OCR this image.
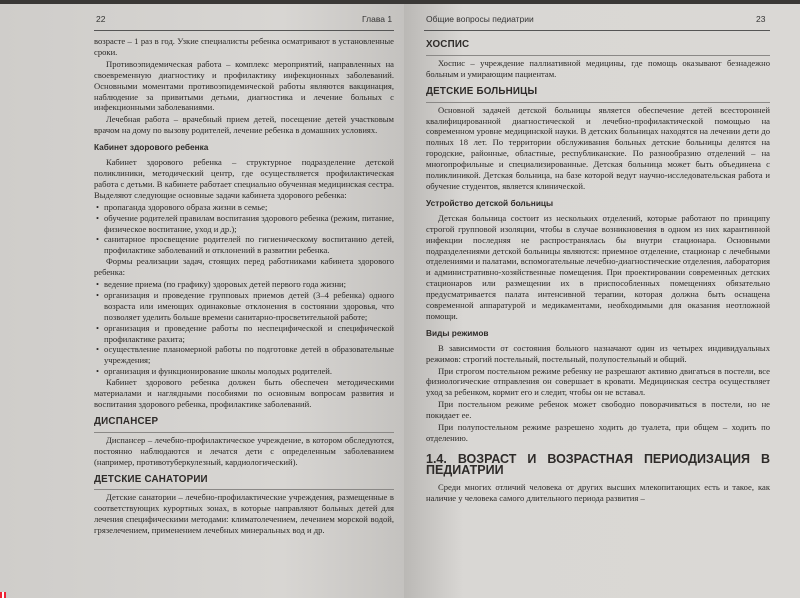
22	Глава 1

возрасте – 1 раз в год. Узкие специалисты ребенка осматривают в установленные сроки.

Противоэпидемическая работа – комплекс мероприятий, направленных на своевременную диагностику и профилактику инфекционных заболеваний. Основными моментами противоэпидемической работы являются вакцинация, наблюдение за привитыми детьми, диагностика и лечение больных с инфекционными заболеваниями.

Лечебная работа – врачебный прием детей, посещение детей участковым врачом на дому по вызову родителей, лечение ребенка в домашних условиях.

Кабинет здорового ребенка

Кабинет здорового ребенка – структурное подразделение детской поликлиники, методический центр, где осуществляется профилактическая работа с детьми. В кабинете работает специально обученная медицинская сестра. Выделяют следующие основные задачи кабинета здорового ребенка:

• пропаганда здорового образа жизни в семье;
• обучение родителей правилам воспитания здорового ребенка (режим, питание, физическое воспитание, уход и др.);
• санитарное просвещение родителей по гигиеническому воспитанию детей, профилактике заболеваний и отклонений в развитии ребенка.

Формы реализации задач, стоящих перед работниками кабинета здорового ребенка:

• ведение приема (по графику) здоровых детей первого года жизни;
• организация и проведение групповых приемов детей (3–4 ребенка) одного возраста или имеющих одинаковые отклонения в состоянии здоровья, что позволяет уделить больше времени санитарно-просветительной работе;
• организация и проведение работы по неспецифической и специфической профилактике рахита;
• осуществление планомерной работы по подготовке детей в образовательные учреждения;
• организация и функционирование школы молодых родителей.

Кабинет здорового ребенка должен быть обеспечен методическими материалами и наглядными пособиями по основным вопросам развития и воспитания здорового ребенка, профилактике заболеваний.

ДИСПАНСЕР

Диспансер – лечебно-профилактическое учреждение, в котором обследуются, постоянно наблюдаются и лечатся дети с определенным заболеванием (например, противотуберкулезный, кардиологический).

ДЕТСКИЕ САНАТОРИИ

Детские санатории – лечебно-профилактические учреждения, размещенные в соответствующих курортных зонах, в которые направляют больных детей для лечения специфическими методами: климатолечением, лечением морской водой, грязелечением, применением лечебных минеральных вод и др.

Общие вопросы педиатрии	23
ХОСПИС

Хоспис – учреждение паллиативной медицины, где помощь оказывают безнадежно больным и умирающим пациентам.

ДЕТСКИЕ БОЛЬНИЦЫ

Основной задачей детской больницы является обеспечение детей всесторонней квалифицированной диагностической и лечебно-профилактической помощью на современном уровне медицинской науки. В детских больницах находятся на лечении дети до полных 18 лет. По территории обслуживания больных детские больницы делятся на городские, районные, областные, республиканские. По разнообразию отделений – на многопрофильные и специализированные. Детская больница может быть объединена с поликлиникой. Детская больница, на базе которой ведут научно-исследовательская работа и обучение студентов, является клинической.

Устройство детской больницы

Детская больница состоит из нескольких отделений, которые работают по принципу строгой групповой изоляции, чтобы в случае возникновения в одном из них карантинной инфекции последняя не распространялась бы внутри стационара. Основными подразделениями детской больницы являются: приемное отделение, стационар с лечебными отделениями и палатами, вспомогательные лечебно-диагностические отделения, лаборатория и административно-хозяйственные помещения. При проектировании современных детских стационаров или размещении их в приспособленных помещениях обязательно предусматривается палата интенсивной терапии, которая должна быть оснащена современной аппаратурой и медикаментами, необходимыми для оказания неотложной помощи.

Виды режимов

В зависимости от состояния больного назначают один из четырех индивидуальных режимов: строгий постельный, постельный, полупостельный и общий.

При строгом постельном режиме ребенку не разрешают активно двигаться в постели, все физиологические отправления он совершает в кровати. Медицинская сестра осуществляет уход за ребенком, кормит его и следит, чтобы он не вставал.

При постельном режиме ребенок может свободно поворачиваться в постели, но не покидает ее.

При полупостельном режиме разрешено ходить до туалета, при общем – ходить по отделению.

1.4. ВОЗРАСТ И ВОЗРАСТНАЯ ПЕРИОДИЗАЦИЯ В ПЕДИАТРИИ

Среди многих отличий человека от других высших млекопитающих есть и такое, как наличие у человека самого длительного периода развития –
